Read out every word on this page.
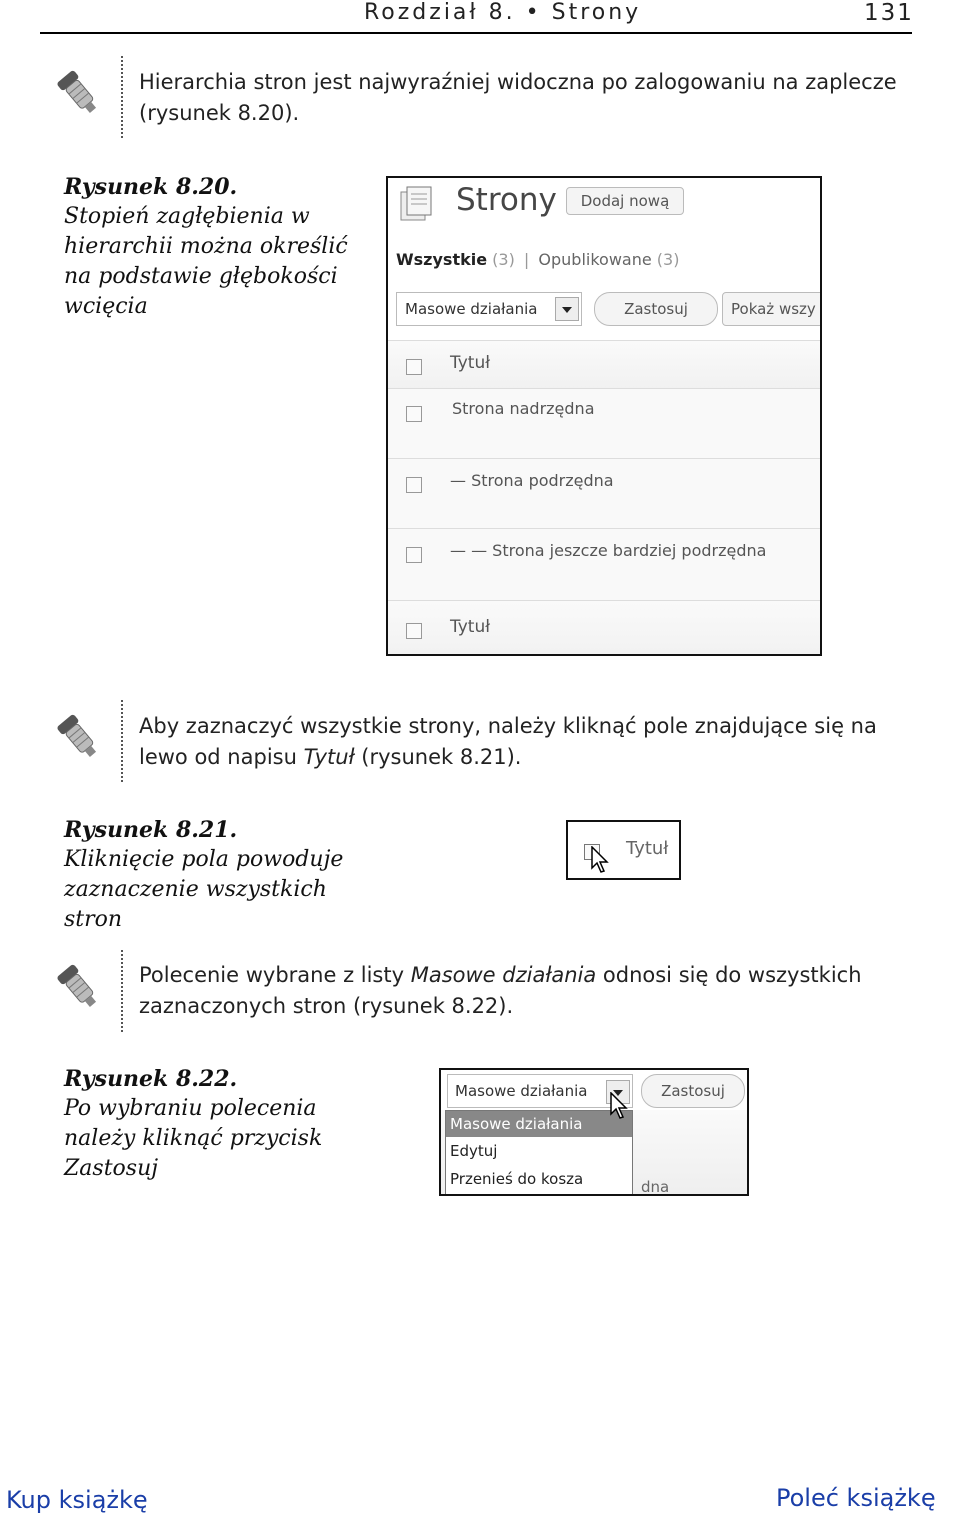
Rozdział 8. • Strony	131
Hierarchia stron jest najwyraźniej widoczna po zalogowaniu na zaplecze (rysunek 8.20).
Rysunek 8.20.
Stopień zagłębienia w hierarchii można określić na podstawie głębokości wcięcia
Strony	Dodaj nową
Wszystkie (3) | Opublikowane (3)
Masowe działania	Zastosuj	Pokaż wszy
Tytuł
Strona nadrzędna
— Strona podrzędna
— — Strona jeszcze bardziej podrzędna
Tytuł
Aby zaznaczyć wszystkie strony, należy kliknąć pole znajdujące się na lewo od napisu Tytuł (rysunek 8.21).
Rysunek 8.21.
Kliknięcie pola powoduje zaznaczenie wszystkich stron
Tytuł
Polecenie wybrane z listy Masowe działania odnosi się do wszystkich zaznaczonych stron (rysunek 8.22).
Rysunek 8.22.
Po wybraniu polecenia należy kliknąć przycisk Zastosuj
Masowe działania	Zastosuj
dna
Masowe działania
Edytuj
Przenieś do kosza
Kup książkę	Poleć książkę
